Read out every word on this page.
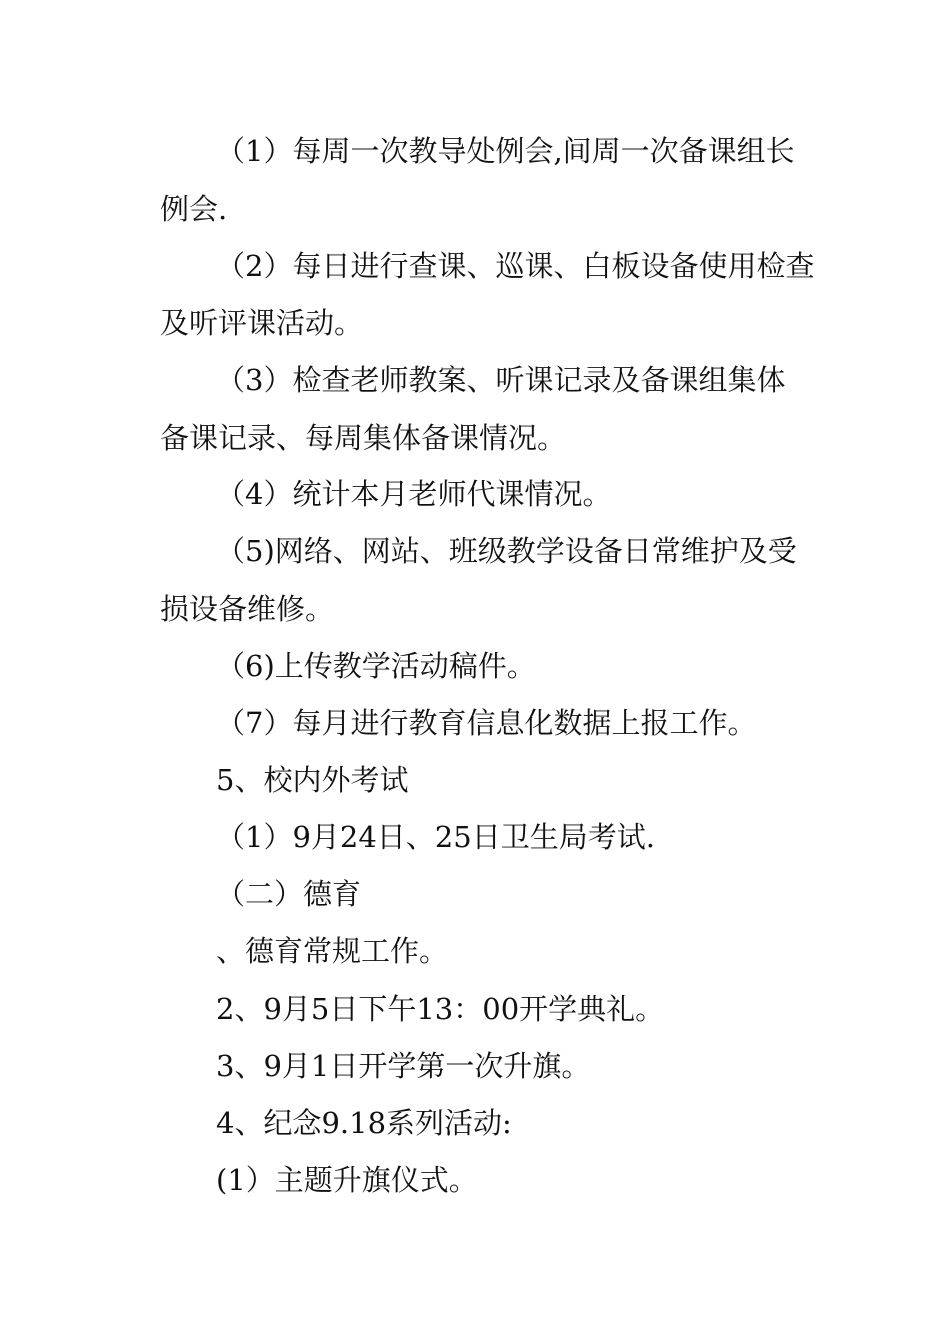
（1）每周一次教导处例会,间周一次备课组长
例会.
（2）每日进行查课、巡课、白板设备使用检查
及听评课活动。
（3）检查老师教案、听课记录及备课组集体
备课记录、每周集体备课情况。
（4）统计本月老师代课情况。
（5)网络、网站、班级教学设备日常维护及受
损设备维修。
（6)上传教学活动稿件。
（7）每月进行教育信息化数据上报工作。
5、校内外考试
（1）9月24日、25日卫生局考试.
（二）德育
、德育常规工作。
2、9月5日下午13：00开学典礼。
3、9月1日开学第一次升旗。
4、纪念9.18系列活动:
(1）主题升旗仪式。
